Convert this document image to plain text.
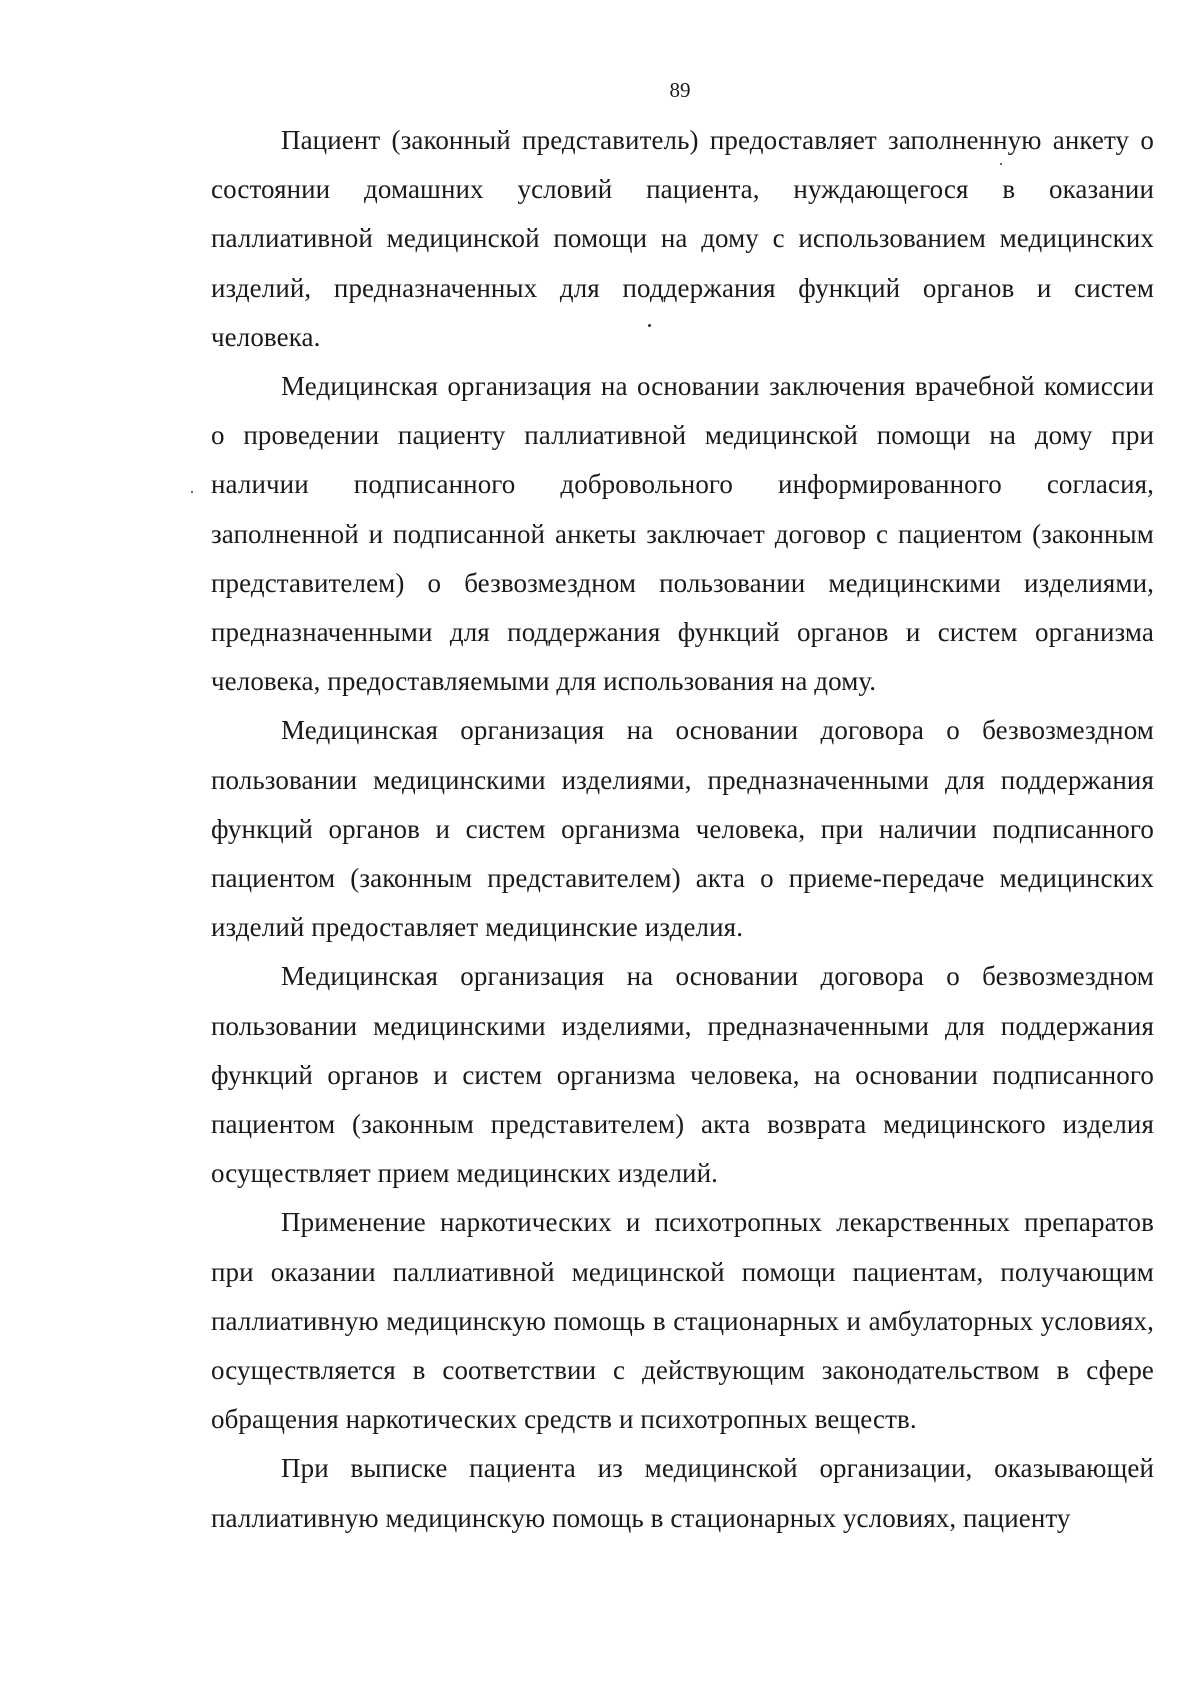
89

Пациент (законный представитель) предоставляет заполненную анкету о состоянии домашних условий пациента, нуждающегося в оказании паллиативной медицинской помощи на дому с использованием медицинских изделий, предназначенных для поддержания функций органов и систем человека.

Медицинская организация на основании заключения врачебной комиссии о проведении пациенту паллиативной медицинской помощи на дому при наличии подписанного добровольного информированного согласия, заполненной и подписанной анкеты заключает договор с пациентом (законным представителем) о безвозмездном пользовании медицинскими изделиями, предназначенными для поддержания функций органов и систем организма человека, предоставляемыми для использования на дому.

Медицинская организация на основании договора о безвозмездном пользовании медицинскими изделиями, предназначенными для поддержания функций органов и систем организма человека, при наличии подписанного пациентом (законным представителем) акта о приеме-передаче медицинских изделий предоставляет медицинские изделия.

Медицинская организация на основании договора о безвозмездном пользовании медицинскими изделиями, предназначенными для поддержания функций органов и систем организма человека, на основании подписанного пациентом (законным представителем) акта возврата медицинского изделия осуществляет прием медицинских изделий.

Применение наркотических и психотропных лекарственных препаратов при оказании паллиативной медицинской помощи пациентам, получающим паллиативную медицинскую помощь в стационарных и амбулаторных условиях, осуществляется в соответствии с действующим законодательством в сфере обращения наркотических средств и психотропных веществ.

При выписке пациента из медицинской организации, оказывающей паллиативную медицинскую помощь в стационарных условиях, пациенту
